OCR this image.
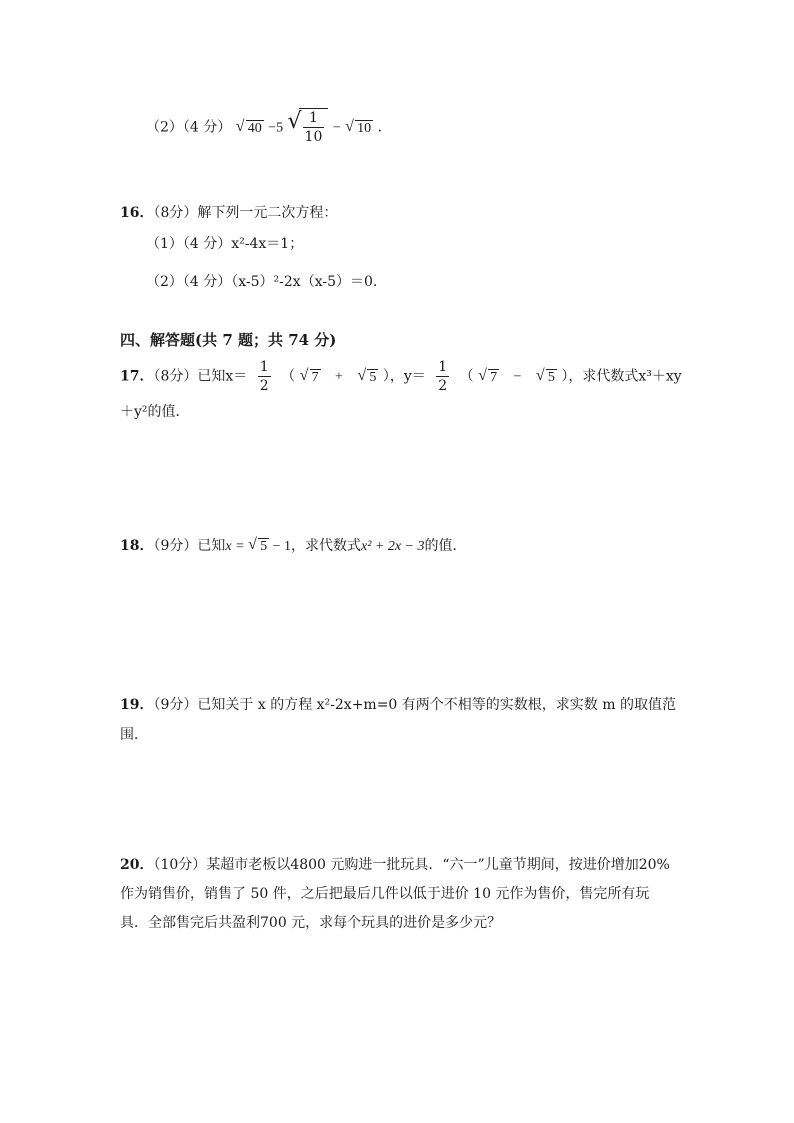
（2）（4 分） √ 40 −5 √ $\frac{1}{10}$ − √ 10 .
16．（8分）解下列一元二次方程：
（1）（4 分）x²-4x＝1；
（2）（4 分）（x-5）²-2x（x-5）＝0.
四、解答题(共 7 题；共 74 分)
17．（8分）已知$x= \frac{1}{2}$ （ √ 7 + √ 5 ），$y= \frac{1}{2}$ （ √ 7 − √ 5 ），求代数式x³＋xy
＋y²的值．
18．（9分）已知x = √ 5 − 1，求代数式x² + 2x − 3的值．
19．（9分）已知关于 x 的方程 x²-2x+m=0 有两个不相等的实数根，求实数 m 的取值范
围．
20．（10分）某超市老板以4800 元购进一批玩具．“六一”儿童节期间，按进价增加20%
作为销售价，销售了 50 件，之后把最后几件以低于进价 10 元作为售价，售完所有玩
具．全部售完后共盈利700 元，求每个玩具的进价是多少元？
